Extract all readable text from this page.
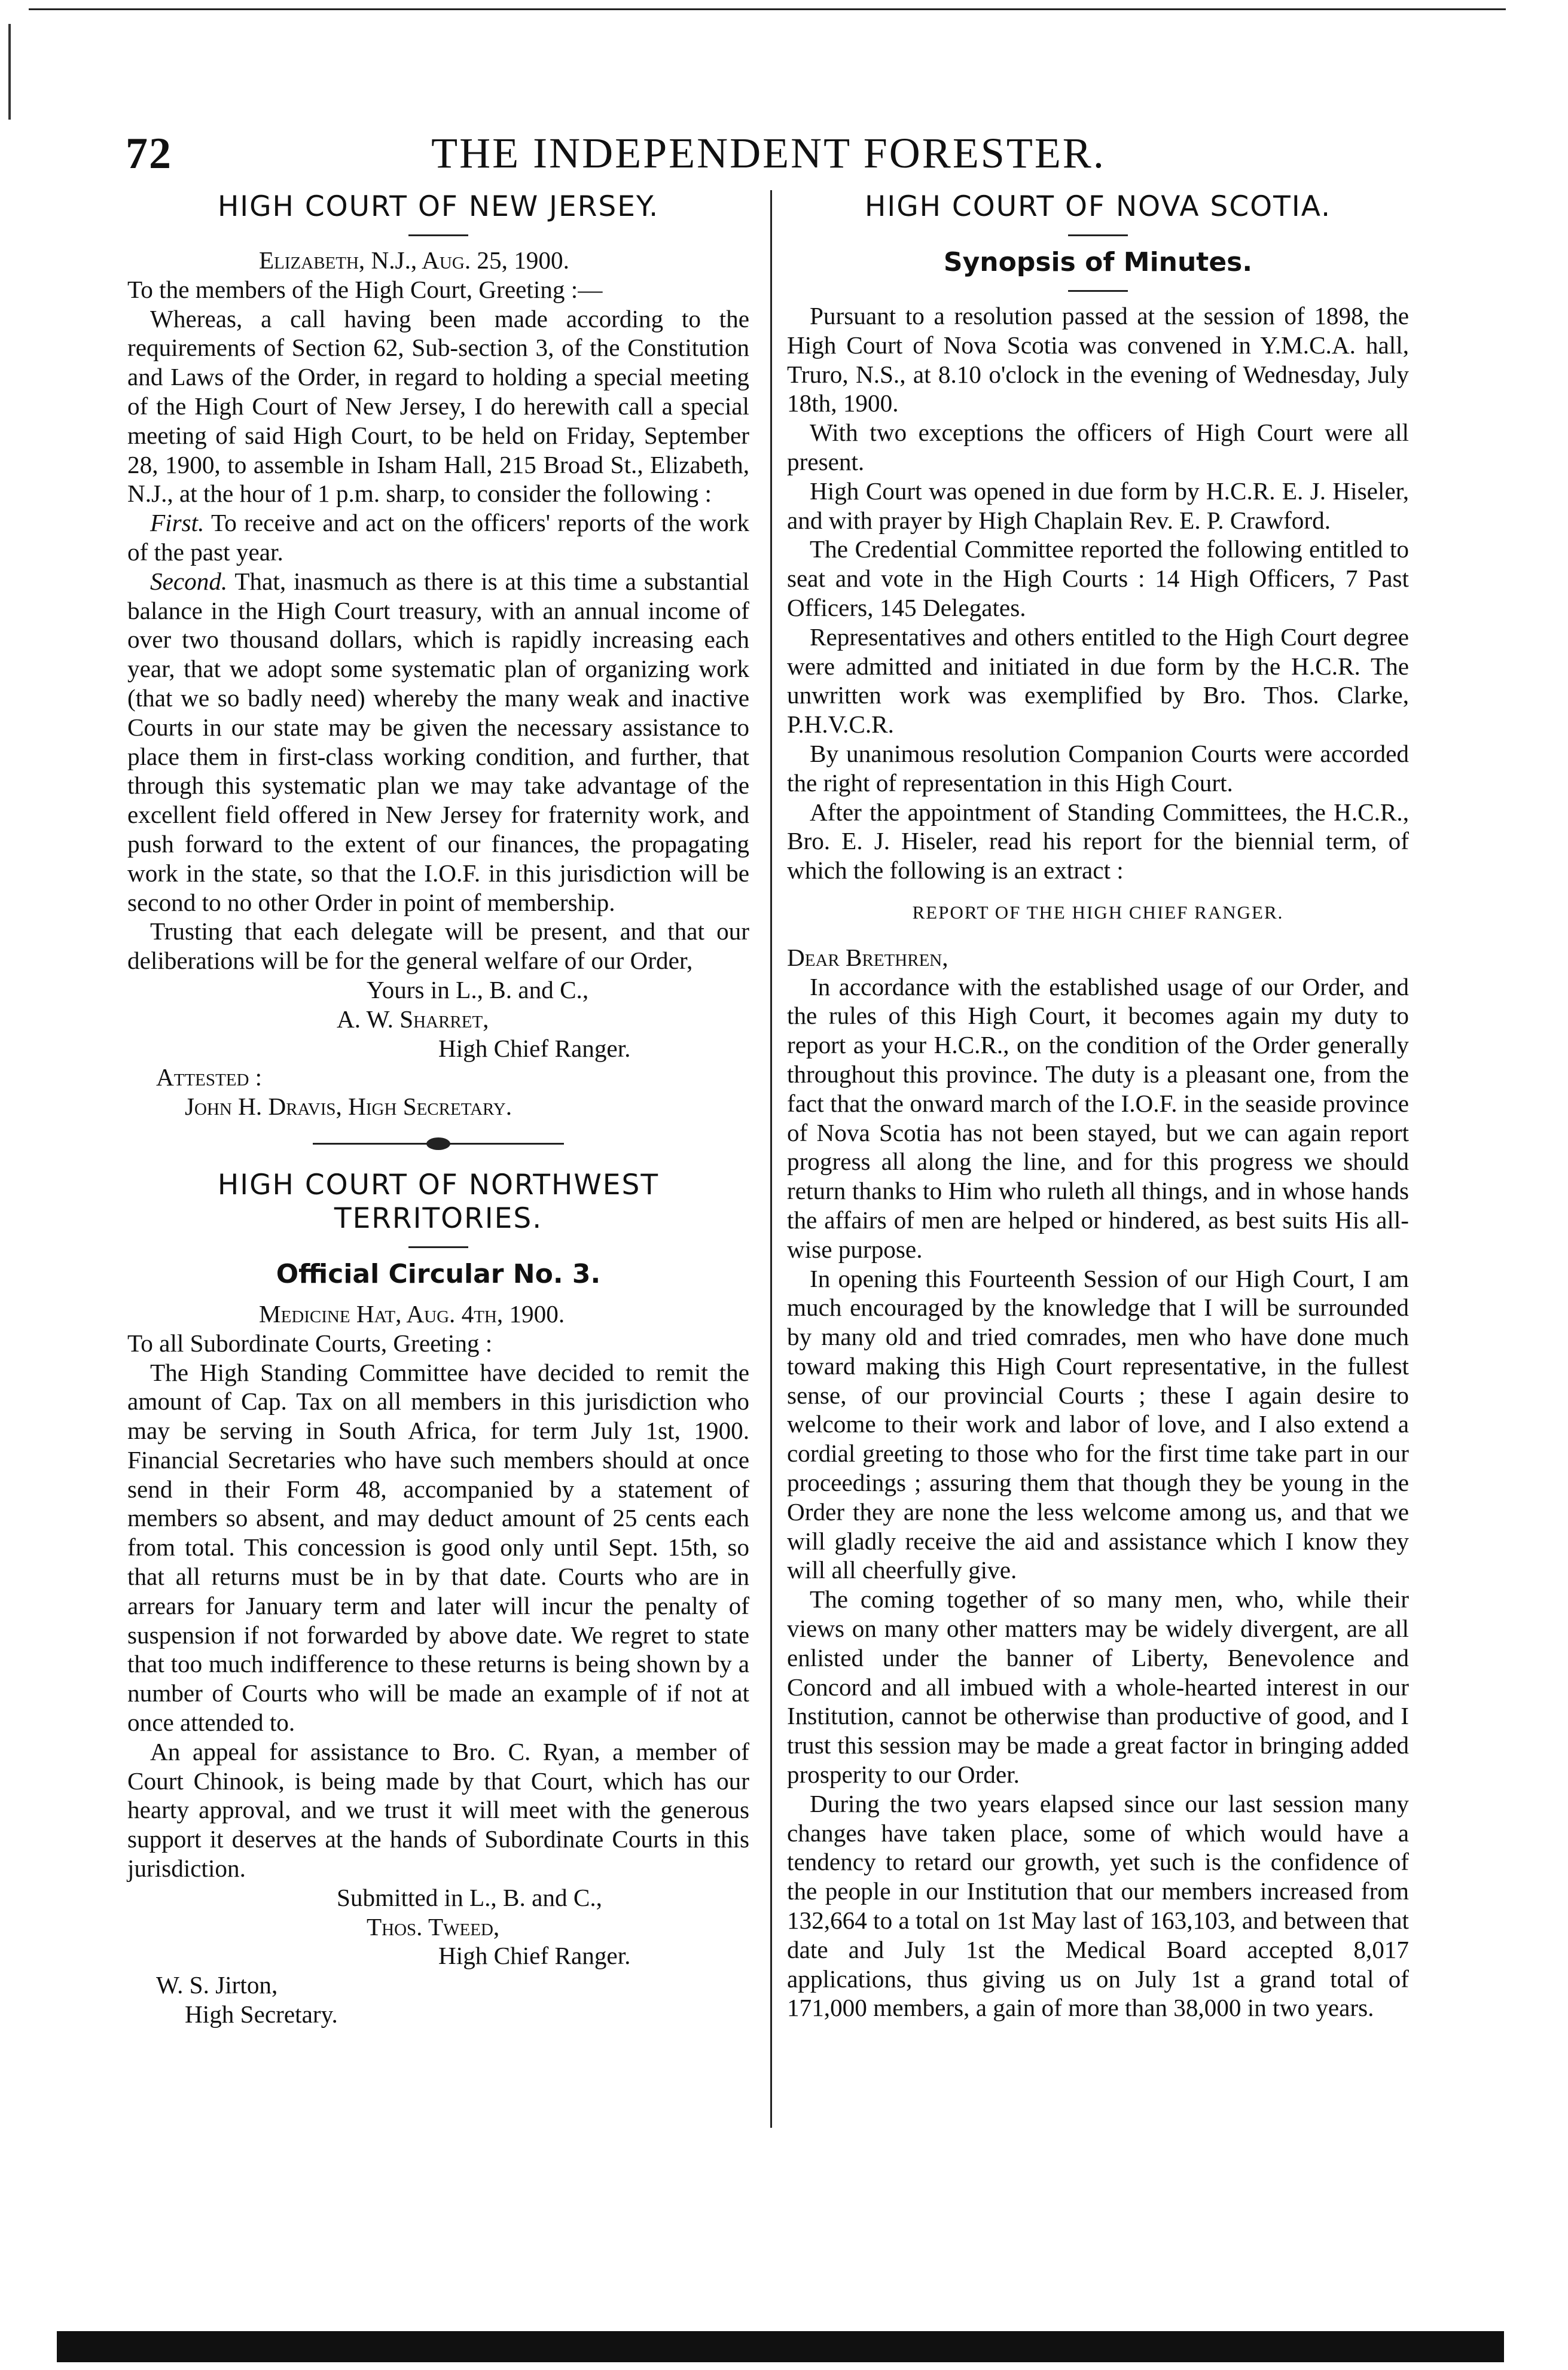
72	THE INDEPENDENT FORESTER.
HIGH COURT OF NEW JERSEY.

Elizabeth, N.J., Aug. 25, 1900.

To the members of the High Court, Greeting :—

Whereas, a call having been made according to the requirements of Section 62, Sub-section 3, of the Constitution and Laws of the Order, in regard to holding a special meeting of the High Court of New Jersey, I do herewith call a special meeting of said High Court, to be held on Friday, September 28, 1900, to assemble in Isham Hall, 215 Broad St., Elizabeth, N.J., at the hour of 1 p.m. sharp, to consider the following :

First. To receive and act on the officers' reports of the work of the past year.

Second. That, inasmuch as there is at this time a substantial balance in the High Court treasury, with an annual income of over two thousand dollars, which is rapidly increasing each year, that we adopt some systematic plan of organizing work (that we so badly need) whereby the many weak and inactive Courts in our state may be given the necessary assistance to place them in first-class working condition, and further, that through this systematic plan we may take advantage of the excellent field offered in New Jersey for fraternity work, and push forward to the extent of our finances, the propagating work in the state, so that the I.O.F. in this jurisdiction will be second to no other Order in point of membership.

Trusting that each delegate will be present, and that our deliberations will be for the general welfare of our Order,

Yours in L., B. and C.,

A. W. Sharret,

High Chief Ranger.

Attested :

John H. Dravis, High Secretary.

HIGH COURT OF NORTHWEST TERRITORIES.

Official Circular No. 3.

Medicine Hat, Aug. 4th, 1900.

To all Subordinate Courts, Greeting :

The High Standing Committee have decided to remit the amount of Cap. Tax on all members in this jurisdiction who may be serving in South Africa, for term July 1st, 1900. Financial Secretaries who have such members should at once send in their Form 48, accompanied by a statement of members so absent, and may deduct amount of 25 cents each from total. This concession is good only until Sept. 15th, so that all returns must be in by that date. Courts who are in arrears for January term and later will incur the penalty of suspension if not forwarded by above date. We regret to state that too much indifference to these returns is being shown by a number of Courts who will be made an example of if not at once attended to.

An appeal for assistance to Bro. C. Ryan, a member of Court Chinook, is being made by that Court, which has our hearty approval, and we trust it will meet with the generous support it deserves at the hands of Subordinate Courts in this jurisdiction.

Submitted in L., B. and C.,

Thos. Tweed,

High Chief Ranger.

W. S. Jirton,

High Secretary.

HIGH COURT OF NOVA SCOTIA.

Synopsis of Minutes.

Pursuant to a resolution passed at the session of 1898, the High Court of Nova Scotia was convened in Y.M.C.A. hall, Truro, N.S., at 8.10 o'clock in the evening of Wednesday, July 18th, 1900.

With two exceptions the officers of High Court were all present.

High Court was opened in due form by H.C.R. E. J. Hiseler, and with prayer by High Chaplain Rev. E. P. Crawford.

The Credential Committee reported the following entitled to seat and vote in the High Courts : 14 High Officers, 7 Past Officers, 145 Delegates.

Representatives and others entitled to the High Court degree were admitted and initiated in due form by the H.C.R. The unwritten work was exemplified by Bro. Thos. Clarke, P.H.V.C.R.

By unanimous resolution Companion Courts were accorded the right of representation in this High Court.

After the appointment of Standing Committees, the H.C.R., Bro. E. J. Hiseler, read his report for the biennial term, of which the following is an extract :

REPORT OF THE HIGH CHIEF RANGER.

Dear Brethren,

In accordance with the established usage of our Order, and the rules of this High Court, it becomes again my duty to report as your H.C.R., on the condition of the Order generally throughout this province. The duty is a pleasant one, from the fact that the onward march of the I.O.F. in the seaside province of Nova Scotia has not been stayed, but we can again report progress all along the line, and for this progress we should return thanks to Him who ruleth all things, and in whose hands the affairs of men are helped or hindered, as best suits His all-wise purpose.

In opening this Fourteenth Session of our High Court, I am much encouraged by the knowledge that I will be surrounded by many old and tried comrades, men who have done much toward making this High Court representative, in the fullest sense, of our provincial Courts ; these I again desire to welcome to their work and labor of love, and I also extend a cordial greeting to those who for the first time take part in our proceedings ; assuring them that though they be young in the Order they are none the less welcome among us, and that we will gladly receive the aid and assistance which I know they will all cheerfully give.

The coming together of so many men, who, while their views on many other matters may be widely divergent, are all enlisted under the banner of Liberty, Benevolence and Concord and all imbued with a whole-hearted interest in our Institution, cannot be otherwise than productive of good, and I trust this session may be made a great factor in bringing added prosperity to our Order.

During the two years elapsed since our last session many changes have taken place, some of which would have a tendency to retard our growth, yet such is the confidence of the people in our Institution that our members increased from 132,664 to a total on 1st May last of 163,103, and between that date and July 1st the Medical Board accepted 8,017 applications, thus giving us on July 1st a grand total of 171,000 members, a gain of more than 38,000 in two years.
